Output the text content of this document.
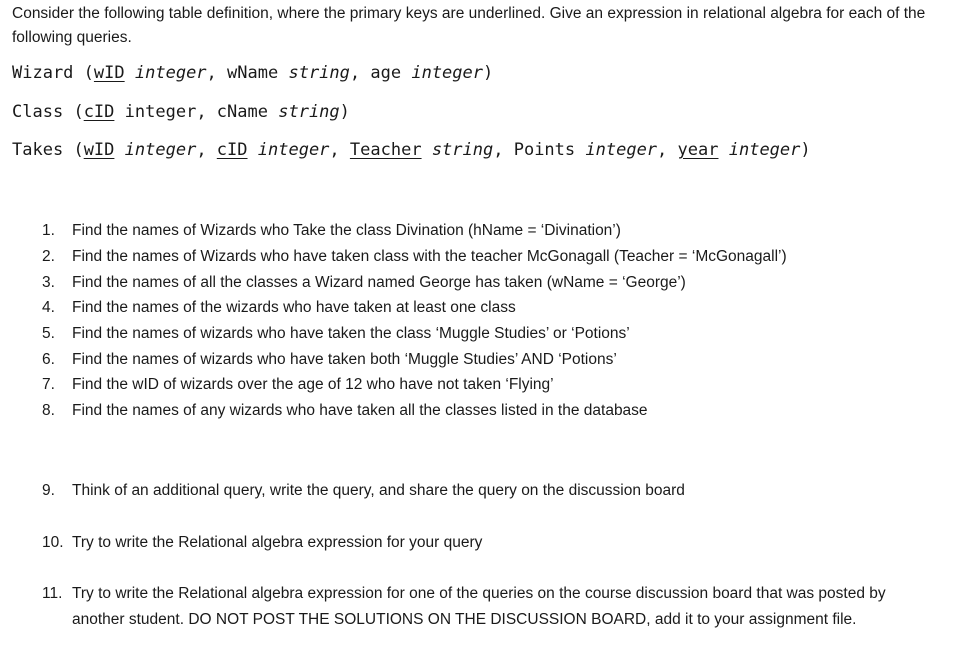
Consider the following table definition, where the primary keys are underlined. Give an expression in relational algebra for each of the following queries.
Wizard (wID integer, wName string, age integer)
Class (cID integer, cName string)
Takes (wID integer, cID integer, Teacher string, Points integer, year integer)
1. Find the names of Wizards who Take the class Divination (hName = ‘Divination’)
2. Find the names of Wizards who have taken class with the teacher McGonagall (Teacher = ‘McGonagall’)
3. Find the names of all the classes a Wizard named George has taken (wName = ‘George’)
4. Find the names of the wizards who have taken at least one class
5. Find the names of wizards who have taken the class ‘Muggle Studies’ or ‘Potions’
6. Find the names of wizards who have taken both ‘Muggle Studies’ AND ‘Potions’
7. Find the wID of wizards over the age of 12 who have not taken ‘Flying’
8. Find the names of any wizards who have taken all the classes listed in the database
9. Think of an additional query, write the query, and share the query on the discussion board
10. Try to write the Relational algebra expression for your query
11. Try to write the Relational algebra expression for one of the queries on the course discussion board that was posted by another student. DO NOT POST THE SOLUTIONS ON THE DISCUSSION BOARD, add it to your assignment file.
